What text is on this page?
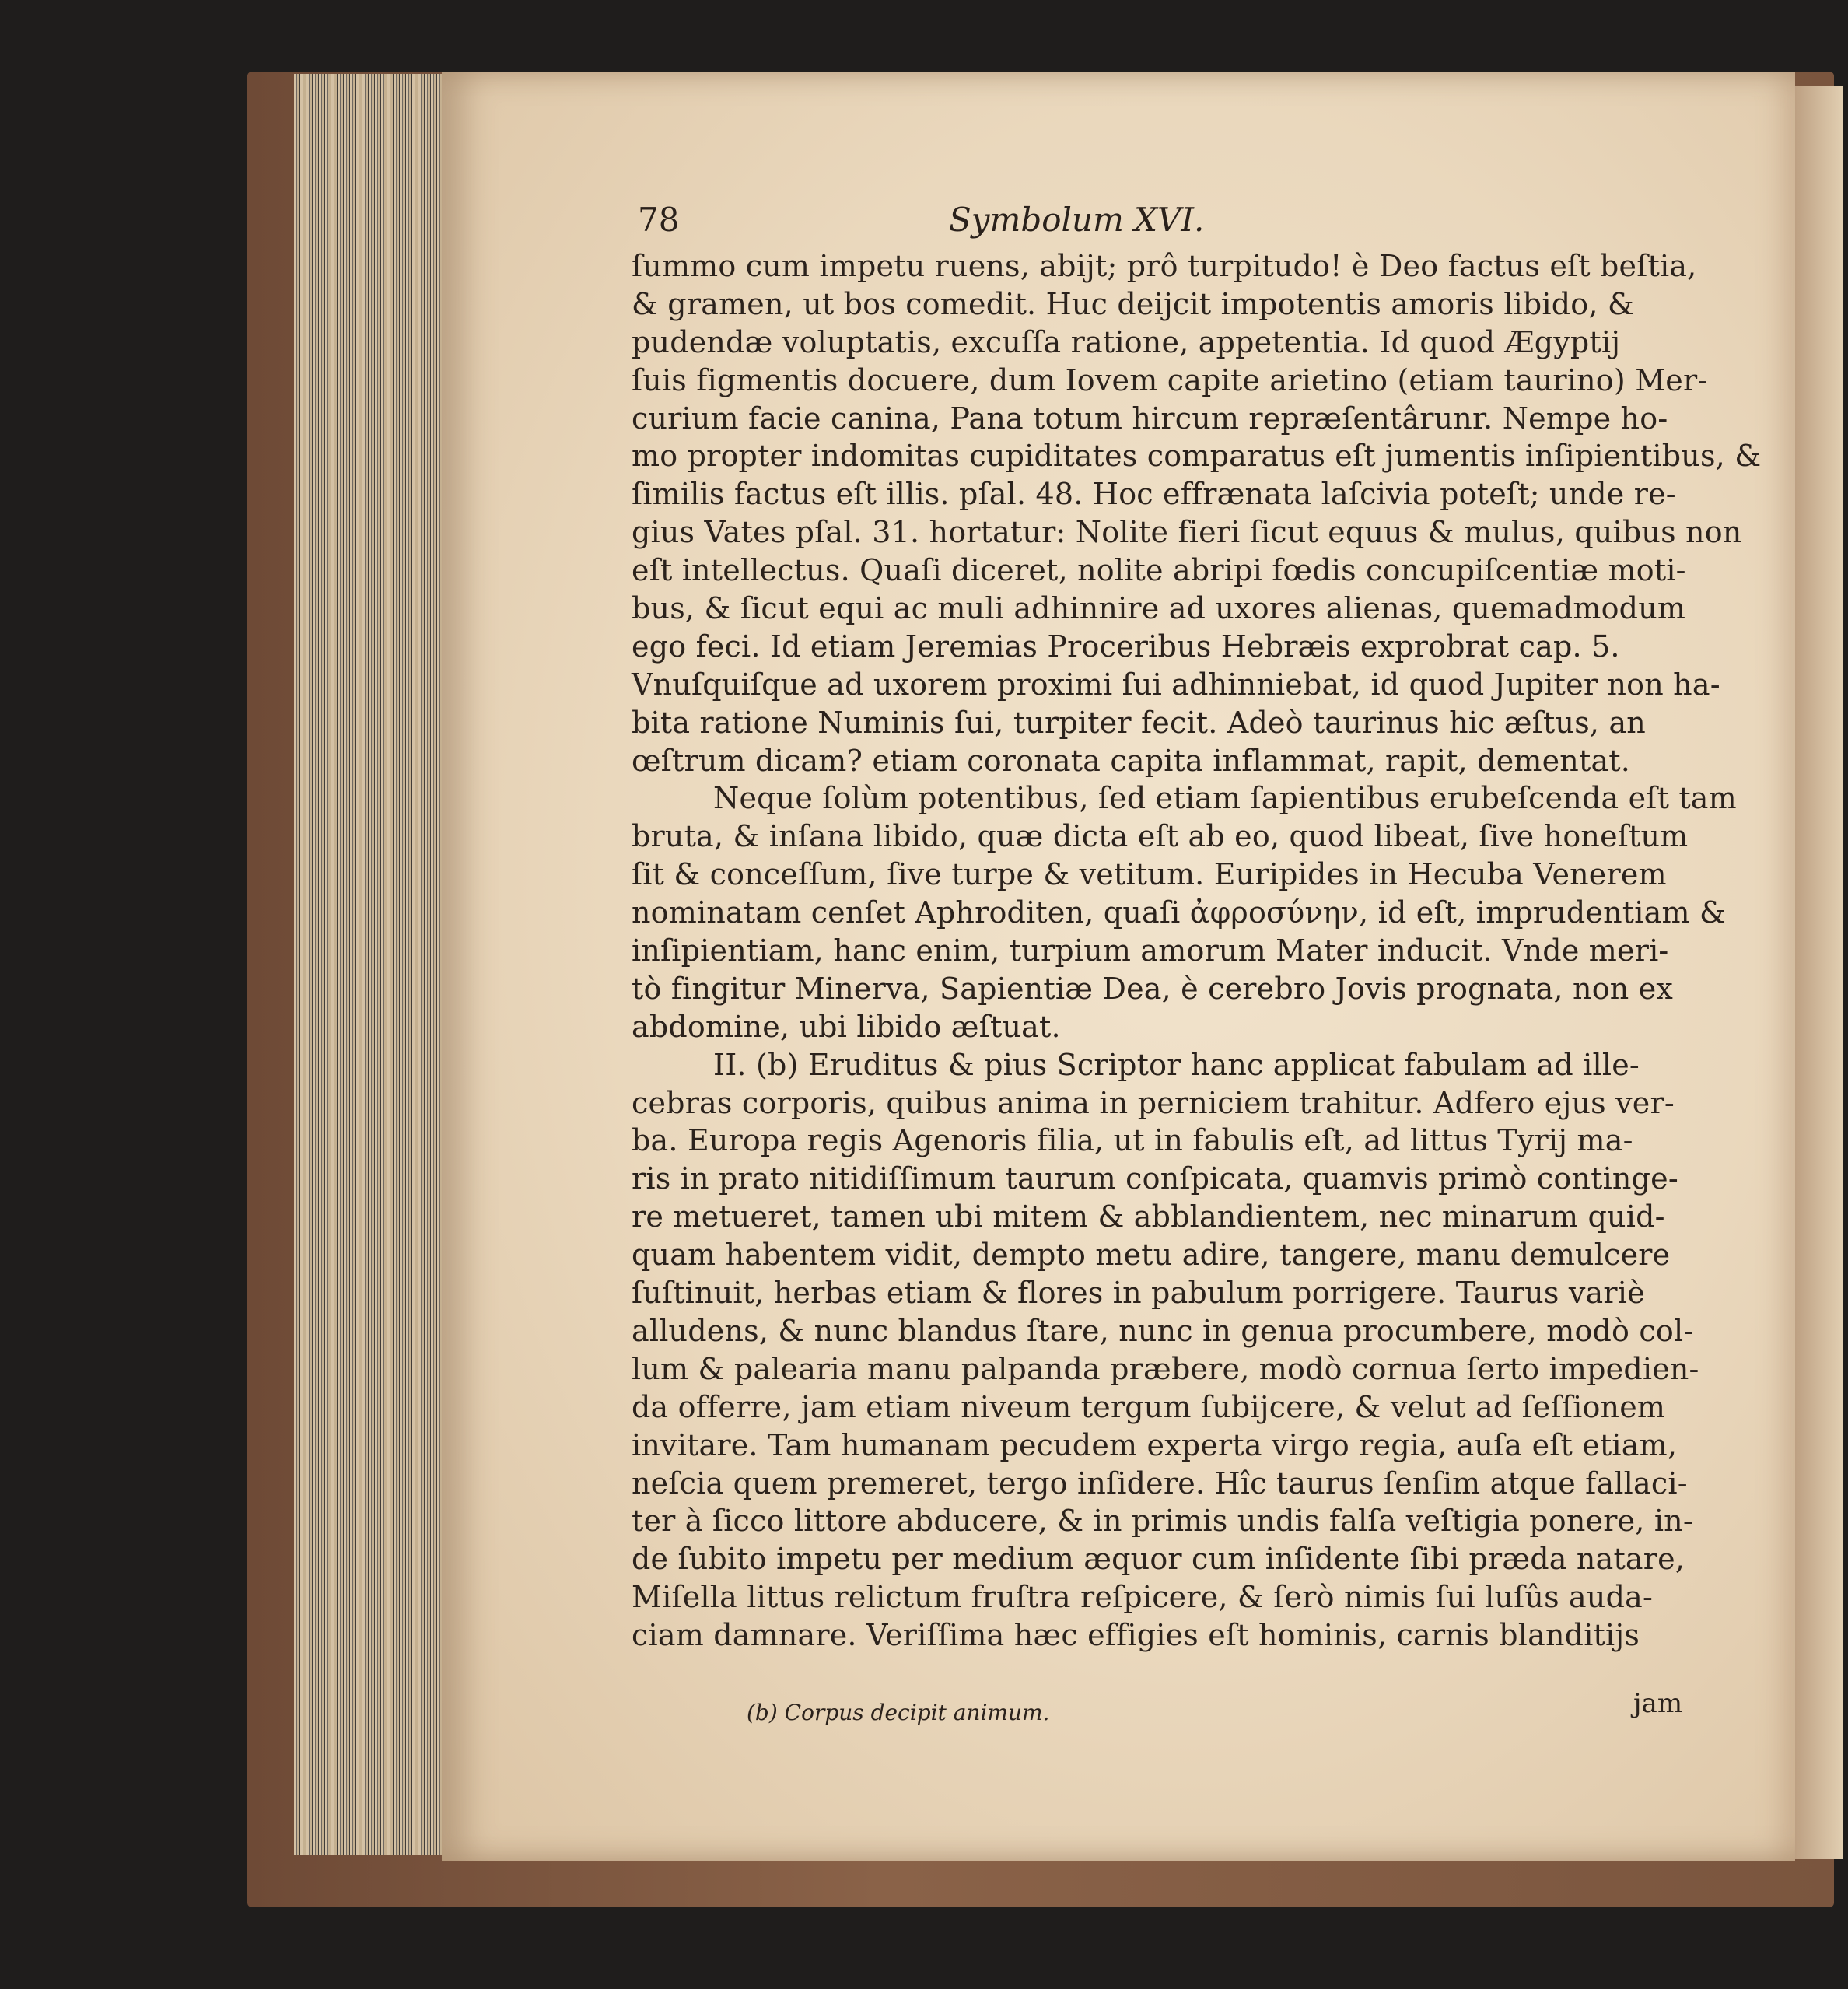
78	Symbolum XVI.
ſummo cum impetu ruens, abijt; prô turpitudo! è Deo factus eſt beſtia,
& gramen, ut bos comedit. Huc deijcit impotentis amoris libido, &
pudendæ voluptatis, excuſſa ratione, appetentia. Id quod Ægyptij
ſuis figmentis docuere, dum Iovem capite arietino (etiam taurino) Mer-
curium facie canina, Pana totum hircum repræſentârunr. Nempe ho-
mo propter indomitas cupiditates comparatus eſt jumentis inſipientibus, &
ſimilis factus eſt illis. pſal. 48. Hoc effrænata laſcivia poteſt; unde re-
gius Vates pſal. 31. hortatur: Nolite fieri ſicut equus & mulus, quibus non
eſt intellectus. Quaſi diceret, nolite abripi fœdis concupiſcentiæ moti-
bus, & ſicut equi ac muli adhinnire ad uxores alienas, quemadmodum
ego feci. Id etiam Jeremias Proceribus Hebræis exprobrat cap. 5.
Vnuſquiſque ad uxorem proximi ſui adhinniebat, id quod Jupiter non ha-
bita ratione Numinis ſui, turpiter fecit. Adeò taurinus hic æſtus, an
œſtrum dicam? etiam coronata capita inflammat, rapit, dementat.
Neque ſolùm potentibus, ſed etiam ſapientibus erubeſcenda eſt tam
bruta, & inſana libido, quæ dicta eſt ab eo, quod libeat, ſive honeſtum
ſit & conceſſum, ſive turpe & vetitum. Euripides in Hecuba Venerem
nominatam cenſet Aphroditen, quaſi ἀφροσύνην, id eſt, imprudentiam &
inſipientiam, hanc enim, turpium amorum Mater inducit. Vnde meri-
tò fingitur Minerva, Sapientiæ Dea, è cerebro Jovis prognata, non ex
abdomine, ubi libido æſtuat.
II. (b) Eruditus & pius Scriptor hanc applicat fabulam ad ille-
cebras corporis, quibus anima in perniciem trahitur. Adfero ejus ver-
ba. Europa regis Agenoris filia, ut in fabulis eſt, ad littus Tyrij ma-
ris in prato nitidiſſimum taurum conſpicata, quamvis primò continge-
re metueret, tamen ubi mitem & abblandientem, nec minarum quid-
quam habentem vidit, dempto metu adire, tangere, manu demulcere
ſuſtinuit, herbas etiam & flores in pabulum porrigere. Taurus variè
alludens, & nunc blandus ſtare, nunc in genua procumbere, modò col-
lum & palearia manu palpanda præbere, modò cornua ſerto impedien-
da offerre, jam etiam niveum tergum ſubijcere, & velut ad ſeſſionem
invitare. Tam humanam pecudem experta virgo regia, auſa eſt etiam,
neſcia quem premeret, tergo inſidere. Hîc taurus ſenſim atque fallaci-
ter à ſicco littore abducere, & in primis undis falſa veſtigia ponere, in-
de ſubito impetu per medium æquor cum inſidente ſibi præda natare,
Miſella littus relictum fruſtra reſpicere, & ſerò nimis ſui luſûs auda-
ciam damnare. Veriſſima hæc effigies eſt hominis, carnis blanditijs
(b) Corpus decipit animum.	jam
